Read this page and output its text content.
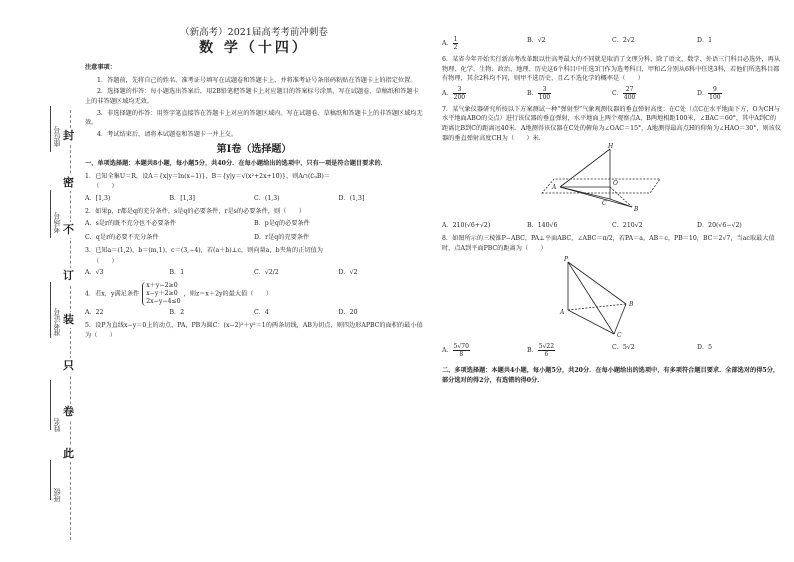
封
密
不
订
装
只
卷
此
座位号
考场号
准考证号
姓名
班级
（新高考）2021届高考考前冲刺卷
数 学（十四）
注意事项：

1．答题前，先将自己的姓名、准考证号填写在试题卷和答题卡上，并将准考证号条形码粘贴在答题卡上的指定位置。

2．选择题的作答：每小题选出答案后，用2B铅笔把答题卡上对应题目的答案标号涂黑，写在试题卷、草稿纸和答题卡上的非答题区域均无效。

3．非选择题的作答：用签字笔直接答在答题卡上对应的答题区域内。写在试题卷、草稿纸和答题卡上的非答题区域均无效。

4．考试结束后，请将本试题卷和答题卡一并上交。

第Ⅰ卷（选择题）
一、单项选择题：本题共8小题，每小题5分，共40分．在每小题给出的选项中，只有一项是符合题目要求的．

1．已知全集U＝R，设A＝{x|y＝ln(x−1)}，B＝{y|y＝√(x²+2x+10)}，则A∩(∁ᵤB)＝

（　　）
A．[1,3)	B．[1,3]	C．(1,3)	D．(1,3]

2．如果p，r都是q的充分条件，s是q的必要条件，r是s的必要条件，则（　　）

A．s是r的既不充分也不必要条件	B．p是q的必要条件
C．q是r的必要不充分条件	D．r是q的充要条件

3．已知a＝(1,2)，b＝(m,1)，c＝(3,−4)，若(a＋b)⊥c，则向量a，b夹角的正切值为

（　　）
A．√3	B．1	C．√2/2	D．√2

4．若x，y满足条件
x＋y−2≥0
x−y＋2≥0
2x−y−4≤0
，则z＝x＋2y的最大值（　　）

A．22	B．2	C．4	D．20

5．设P为直线x−y＝0上的动点，PA，PB为圆C：(x−2)²＋y²＝1的两条切线，AB为切点，则四边形APBC的面积的最小值为（　　）

A． $\frac{1}{2}$	B．√2	C．2√2	D．1

6．某省今年开始实行新高考改革跟以往高考最大的不同就是取消了文理分科，除了语文、数学、外语三门科目必选外，再从物理、化学、生物、政治、地理、历史这6个科目中任选3门作为选考科目，甲和乙分别从6科中任选3科，若他们所选科目都有物理，其余2科均不同，则甲不选历史，且乙不选化学的概率是（　　）

A． $\frac{3}{200}$	B． $\frac{3}{100}$	C． $\frac{27}{400}$	D． $\frac{9}{100}$

7．某气象仪器研究所按以下方案测试一种“弹射型”气象观测仪器的垂直弹射高度：在C处（点C在水平地面下方，O为CH与水平地面ABO的交点）进行该仪器的垂直弹射，水平地面上两个观察点A，B两地相距100米，∠BAC＝60°，其中A到C的距离比B到C的距离远40米．A地测得该仪器在C处的俯角为∠OAC＝15°，A地测得最高点H的仰角为∠HAO＝30°，则该仪器的垂直弹射高度CH为（　　）米．

H
A
O
C
B
A．210(√6+√2)	B．140√6	C．210√2	D．20(√6−√2)

8．如图所示的三棱锥P−ABC，PA⊥平面ABC，∠ABC＝π/2，若PA＝a，AB＝c，PB＝10，BC＝2√7，当ac取最大值时，点A到平面PBC的距离为（　　）

P
A
B
C
A． $\frac{5√70}{8}$	B． $\frac{5√22}{6}$	C．5√2	D．5
二、多项选择题：本题共4小题，每小题5分，共20分．在每小题给出的选项中，有多项符合题目要求．全部选对的得5分，部分选对的得2分，有选错的得0分．
